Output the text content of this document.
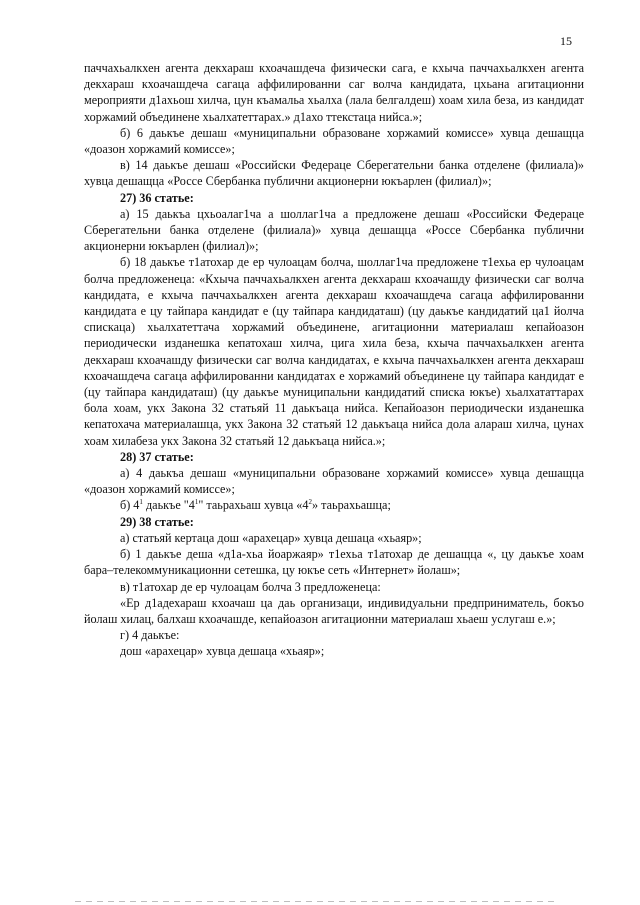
15

паччахьалкхен агента декхараш кхоачашдеча физически сага, е кхыча паччахьалкхен агента декхараш кхоачашдеча сагаца аффилированни саг волча кандидата, цхьана агитационни мероприяти д1ахьош хилча, цун къамальа хьалха (лала белгалдеш) хоам хила беза, из кандидат хоржамий объединене хьалхатеттарах.» д1ахо ттекстаца нийса.»;

б) 6 даькъе дешаш «муниципальни образоване хоржамий комиссе» хувца дешащца «доазон хоржамий комиссе»;

в) 14 даькъе дешаш «Российски Федераце Сберегательни банка отделене (филиала)» хувца дешащца «Россе Сбербанка публични акционерни юкъарлен (филиал)»;

27) 36 статье:

а) 15 даькъа цхьоалаг1ча а шоллаг1ча а предложене дешаш «Российски Федераце Сберегательни банка отделене (филиала)» хувца дешащца «Россе Сбербанка публични акционерни юкъарлен (филиал)»;

б) 18 даькъе т1атохар де ер чулоацам болча, шоллаг1ча предложене т1ехьа ер чулоацам болча предложенеца: «Кхыча паччахьалкхен агента декхараш кхоачашду физически саг волча кандидата, е кхыча паччахьалкхен агента декхараш кхоачашдеча сагаца аффилированни кандидата е цу тайпара кандидат е (цу тайпара кандидаташ) (цу даькъе кандидатий ца1 йолча спискаца) хьалхатеттача хоржамий объединене, агитационни материалаш кепайоазон периодически изданешка кепатохаш хилча, цига хила беза, кхыча паччахьалкхен агента декхараш кхоачашду физически саг волча кандидатах, е кхыча паччахьалкхен агента декхараш кхоачашдеча сагаца аффилированни кандидатах е хоржамий объединене цу тайпара кандидат е (цу тайпара кандидаташ) (цу даькъе муниципальни кандидатий списка юкъе) хьалхататтарах бола хоам, укх Закона 32 статьяй 11 даькъаца нийса. Кепайоазон периодически изданешка кепатохача материалашца, укх Закона 32 статьяй 12 даькъаца нийса дола алараш хилча, цунах хоам хилабеза укх Закона 32 статьяй 12 даькъаца нийса.»;

28) 37 статье:

а) 4 даькъа дешаш «муниципальни образоване хоржамий комиссе» хувца дешащца «доазон хоржамий комиссе»;

б) $4^1$ даькъе "$4^1$" таьрахьаш хувца «$4^2$» таьрахьашца;

29) 38 статье:

а) статьяй кертаца дош «арахецар» хувца дешаца «хьаяр»;

б) 1 даькъе деша «д1а-хьа йоаржаяр» т1ехьа т1атохар де дешащца «, цу даькъе хоам бара–телекоммуникационни сетешка, цу юкъе сеть «Интернет» йолаш»;

в) т1атохар де ер чулоацам болча 3 предложенеца:

«Ер д1адехараш кхоачаш ца даь организаци, индивидуальни предприниматель, бокъо йолаш хилац, балхаш кхоачашде, кепайоазон агитационни материалаш хьаеш услугаш е.»;

г) 4 даькъе:

дош «арахецар» хувца дешаца «хьаяр»;
